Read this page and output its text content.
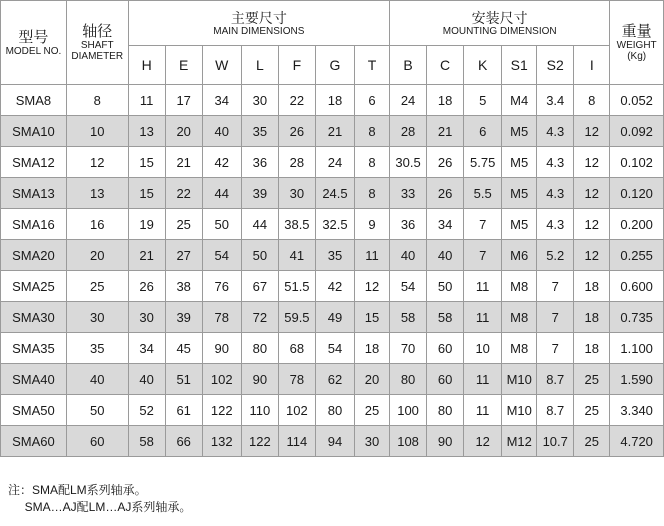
型号
MODEL NO.	轴径
SHAFT
DIAMETER	主要尺寸
MAIN DIMENSIONS							安装尺寸
MOUNTING DIMENSION						重量
WEIGHT
(Kg)

		H	E	W	L	F	G	T	B	C	K	S1	S2	I	
SMA8	8	11	17	34	30	22	18	6	24	18	5	M4	3.4	8	0.052
SMA10	10	13	20	40	35	26	21	8	28	21	6	M5	4.3	12	0.092
SMA12	12	15	21	42	36	28	24	8	30.5	26	5.75	M5	4.3	12	0.102
SMA13	13	15	22	44	39	30	24.5	8	33	26	5.5	M5	4.3	12	0.120
SMA16	16	19	25	50	44	38.5	32.5	9	36	34	7	M5	4.3	12	0.200
SMA20	20	21	27	54	50	41	35	11	40	40	7	M6	5.2	12	0.255
SMA25	25	26	38	76	67	51.5	42	12	54	50	11	M8	7	18	0.600
SMA30	30	30	39	78	72	59.5	49	15	58	58	11	M8	7	18	0.735
SMA35	35	34	45	90	80	68	54	18	70	60	10	M8	7	18	1.100
SMA40	40	40	51	102	90	78	62	20	80	60	11	M10	8.7	25	1.590
SMA50	50	52	61	122	110	102	80	25	100	80	11	M10	8.7	25	3.340
SMA60	60	58	66	132	122	114	94	30	108	90	12	M12	10.7	25	4.720
注：SMA配LM系列轴承。
SMA…AJ配LM…AJ系列轴承。
